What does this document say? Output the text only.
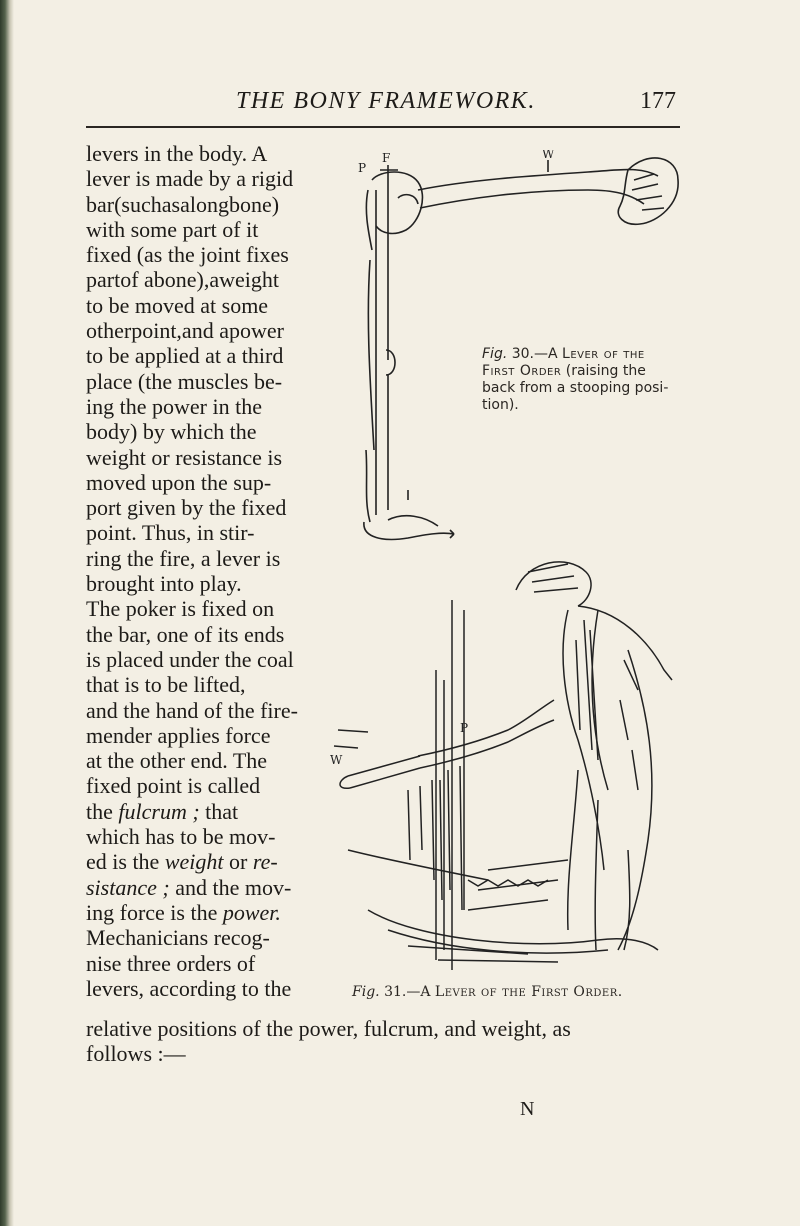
THE BONY FRAMEWORK.	177

levers in the body. A

lever is made by a rigid

bar(suchasalongbone)

with some part of it

fixed (as the joint fixes

partof abone),aweight

to be moved at some

otherpoint,and apower

to be applied at a third

place (the muscles be-

ing the power in the

body) by which the

weight or resistance is

moved upon the sup-

port given by the fixed

point. Thus, in stir-

ring the fire, a lever is

brought into play.

The poker is fixed on

the bar, one of its ends

is placed under the coal

that is to be lifted,

and the hand of the fire-

mender applies force

at the other end. The

fixed point is called

the fulcrum ; that

which has to be mov-

ed is the weight or re-

sistance ; and the mov-

ing force is the power.

Mechanicians recog-

nise three orders of

levers, according to the

relative positions of the power, fulcrum, and weight, as

follows :—

N
P
F	W
Fig. 30.—A Lever of the First Order (raising the back from a stooping posi- tion).
P
W
Fig. 31.—A Lever of the First Order.
